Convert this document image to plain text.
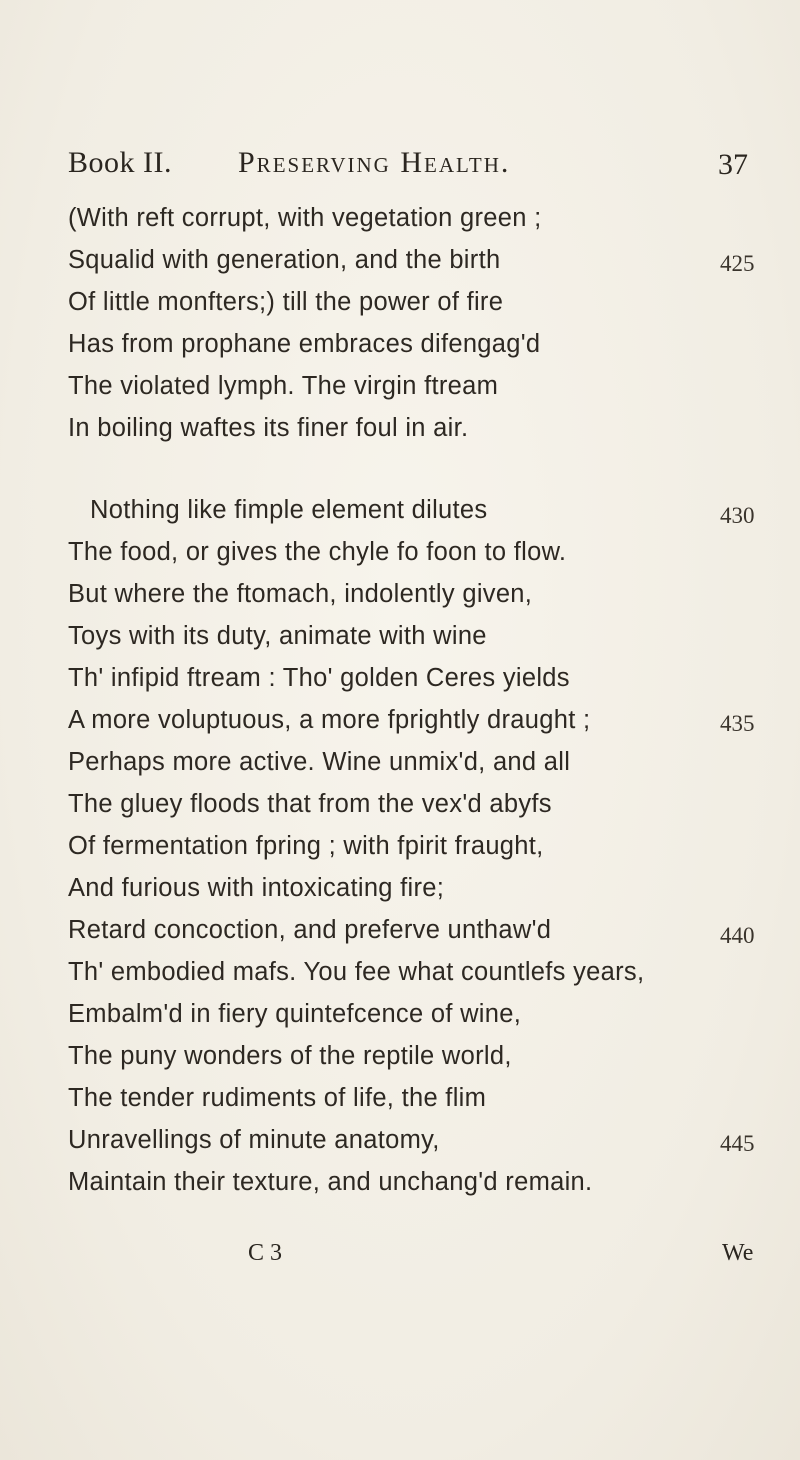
Book II. Preserving Health.	37
(With reft corrupt, with vegetation green ;
Squalid with generation, and the birth
Of little monfters;) till the power of fire
Has from prophane embraces difengag'd
The violated lymph. The virgin ftream
In boiling waftes its finer foul in air.
Nothing like fimple element dilutes
The food, or gives the chyle fo foon to flow.
But where the ftomach, indolently given,
Toys with its duty, animate with wine
Th' infipid ftream : Tho' golden Ceres yields
A more voluptuous, a more fprightly draught ;
Perhaps more active. Wine unmix'd, and all
The gluey floods that from the vex'd abyfs
Of fermentation fpring ; with fpirit fraught,
And furious with intoxicating fire;
Retard concoction, and preferve unthaw'd
Th' embodied mafs. You fee what countlefs years,
Embalm'd in fiery quintefcence of wine,
The puny wonders of the reptile world,
The tender rudiments of life, the flim
Unravellings of minute anatomy,
Maintain their texture, and unchang'd remain.
425
430
435
440
445
C 3	We
